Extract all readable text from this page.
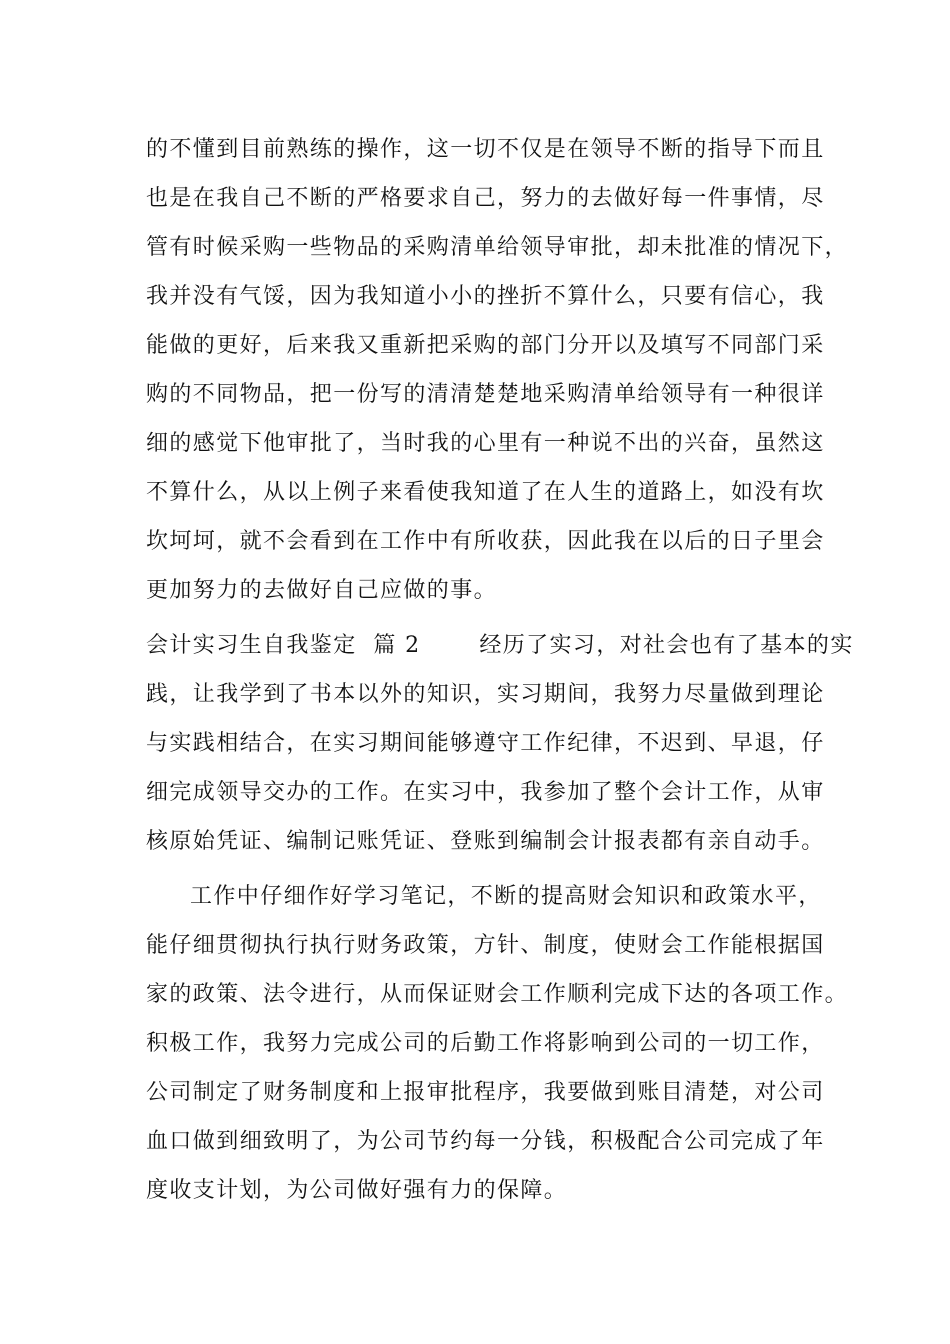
的不懂到目前熟练的操作，这一切不仅是在领导不断的指导下而且

也是在我自己不断的严格要求自己，努力的去做好每一件事情，尽

管有时候采购一些物品的采购清单给领导审批，却未批准的情况下，

我并没有气馁，因为我知道小小的挫折不算什么，只要有信心，我

能做的更好，后来我又重新把采购的部门分开以及填写不同部门采

购的不同物品，把一份写的清清楚楚地采购清单给领导有一种很详

细的感觉下他审批了，当时我的心里有一种说不出的兴奋，虽然这

不算什么，从以上例子来看使我知道了在人生的道路上，如没有坎

坎坷坷，就不会看到在工作中有所收获，因此我在以后的日子里会

更加努力的去做好自己应做的事。

会计实习生自我鉴定  篇 2       经历了实习，对社会也有了基本的实

践，让我学到了书本以外的知识，实习期间，我努力尽量做到理论

与实践相结合，在实习期间能够遵守工作纪律，不迟到、早退，仔

细完成领导交办的工作。在实习中，我参加了整个会计工作，从审

核原始凭证、编制记账凭证、登账到编制会计报表都有亲自动手。

工作中仔细作好学习笔记，不断的提高财会知识和政策水平，

能仔细贯彻执行执行财务政策，方针、制度，使财会工作能根据国

家的政策、法令进行，从而保证财会工作顺利完成下达的各项工作。

积极工作，我努力完成公司的后勤工作将影响到公司的一切工作，

公司制定了财务制度和上报审批程序，我要做到账目清楚，对公司

血口做到细致明了，为公司节约每一分钱，积极配合公司完成了年

度收支计划，为公司做好强有力的保障。
